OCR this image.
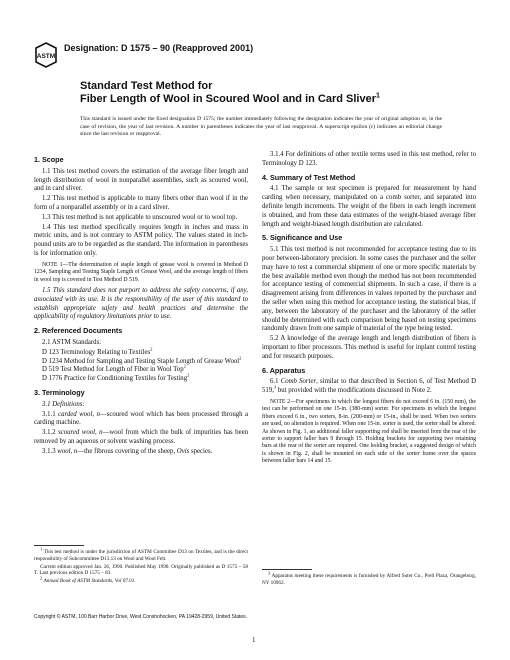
ASTM
Designation: D 1575 – 90 (Reapproved 2001)
Standard Test Method for
Fiber Length of Wool in Scoured Wool and in Card Sliver$^1$
This standard is issued under the fixed designation D 1575; the number immediately following the designation indicates the year of original adoption or, in the case of revision, the year of last revision. A number in parentheses indicates the year of last reapproval. A superscript epsilon (ε) indicates an editorial change since the last revision or reapproval.
1. Scope

1.1 This test method covers the estimation of the average fiber length and length distribution of wool in nonparallel assemblies, such as scoured wool, and in card sliver.

1.2 This test method is applicable to many fibers other than wool if in the form of a nonparallel assembly or in a card sliver.

1.3 This test method is not applicable to unscoured wool or to wool top.

1.4 This test method specifically requires length in inches and mass in metric units, and is not contrary to ASTM policy. The values stated in inch-pound units are to be regarded as the standard. The information in parentheses is for information only.

NOTE 1—The determination of staple length of grease wool is covered in Method D 1234, Sampling and Testing Staple Length of Grease Wool, and the average length of fibers in wool top is covered in Test Method D 519.

1.5 This standard does not purport to address the safety concerns, if any, associated with its use. It is the responsibility of the user of this standard to establish appropriate safety and health practices and determine the applicability of regulatory limitations prior to use.

2. Referenced Documents

2.1 ASTM Standards:

D 123 Terminology Relating to Textiles$^2$
D 1234 Method for Sampling and Testing Staple Length of Grease Wool$^2$
D 519 Test Method for Length of Fiber in Wool Top$^2$
D 1776 Practice for Conditioning Textiles for Testing$^2$
3. Terminology

3.1 Definitions:

3.1.1 carded wool, n—scoured wool which has been processed through a carding machine.

3.1.2 scoured wool, n—wool from which the bulk of impurities has been removed by an aqueous or solvent washing process.

3.1.3 wool, n—the fibrous covering of the sheep, Ovis species.

$^1$ This test method is under the jurisdiction of ASTM Committee D13 on Textiles, and is the direct responsibility of Subcommittee D13.13 on Wool and Wool Felt.

Current edition approved Jan. 26, 1990. Published May 1990. Originally published as D 1575 – 58 T. Last previous edition D 1575 – 83.

$^2$ Annual Book of ASTM Standards, Vol 07.01.

3.1.4 For definitions of other textile terms used in this test method, refer to Terminology D 123.

4. Summary of Test Method

4.1 The sample or test specimen is prepared for measurement by hand carding when necessary, manipulated on a comb sorter, and separated into definite length increments. The weight of the fibers in each length increment is obtained, and from these data estimates of the weight-biased average fiber length and weight-biased length distribution are calculated.

5. Significance and Use

5.1 This test method is not recommended for acceptance testing due to its poor between-laboratory precision. In some cases the purchaser and the seller may have to test a commercial shipment of one or more specific materials by the best available method even though the method has not been recommended for acceptance testing of commercial shipments. In such a case, if there is a disagreement arising from differences in values reported by the purchaser and the seller when using this method for acceptance testing, the statistical bias, if any, between the laboratory of the purchaser and the laboratory of the seller should be determined with each comparison being based on testing specimens randomly drawn from one sample of material of the type being tested.

5.2 A knowledge of the average length and length distribution of fibers is important to fiber processors. This method is useful for inplant control testing and for research purposes.

6. Apparatus

6.1 Comb Sorter, similar to that described in Section 6, of Test Method D 519,$^3$ but provided with the modifications discussed in Note 2.

NOTE 2—For specimens in which the longest fibers do not exceed 6 in. (150 mm), the test can be performed on one 15-in. (380-mm) sorter. For specimens in which the longest fibers exceed 6 in., two sorters, 8-in. (200-mm) or 15-in., shall be used. When two sorters are used, no alteration is required. When one 15-in. sorter is used, the sorter shall be altered. As shown in Fig. 1, an additional faller supporting rod shall be inserted from the rear of the sorter to support faller bars 9 through 15. Holding brackets for supporting two retaining bars at the rear of the sorter are required. One holding bracket, a suggested design of which is shown in Fig. 2, shall be mounted on each side of the sorter frame over the spaces between faller bars 14 and 15.

$^3$ Apparatus meeting these requirements is furnished by Alfred Suter Co., Prell Plaza, Orangeburg, NY 10962.

Copyright © ASTM, 100 Barr Harbor Drive, West Conshohocken, PA 19428-2959, United States.
1
